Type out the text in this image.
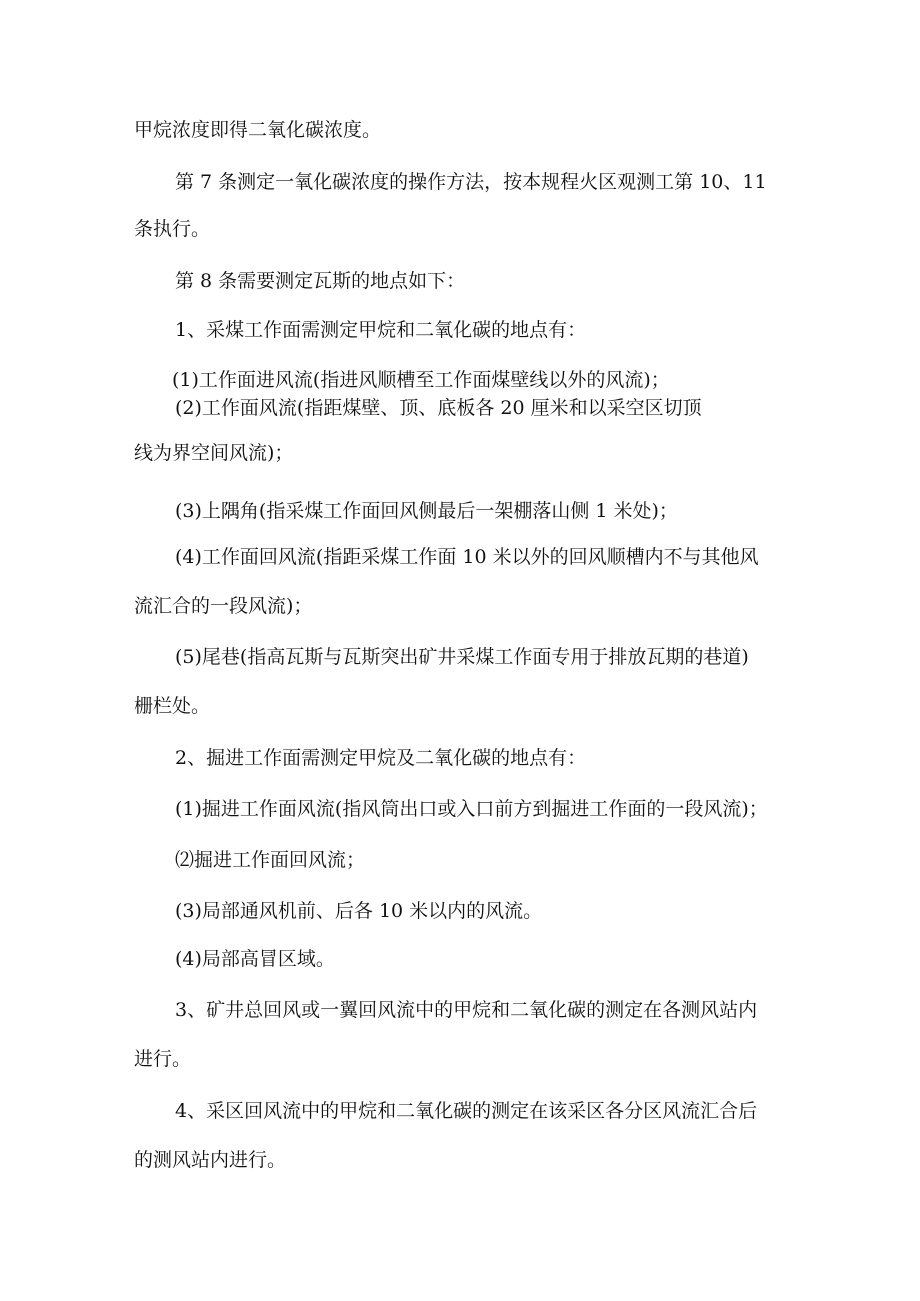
甲烷浓度即得二氧化碳浓度。
第 7 条测定一氧化碳浓度的操作方法，按本规程火区观测工第 10、11
条执行。
第 8 条需要测定瓦斯的地点如下：
1、采煤工作面需测定甲烷和二氧化碳的地点有：
(1)工作面进风流(指进风顺槽至工作面煤壁线以外的风流)；
(2)工作面风流(指距煤壁、顶、底板各 20 厘米和以采空区切顶
线为界空间风流)；
(3)上隅角(指采煤工作面回风侧最后一架棚落山侧 1 米处)；
(4)工作面回风流(指距采煤工作面 10 米以外的回风顺槽内不与其他风
流汇合的一段风流)；
(5)尾巷(指高瓦斯与瓦斯突出矿井采煤工作面专用于排放瓦期的巷道)
栅栏处。
2、掘进工作面需测定甲烷及二氧化碳的地点有：
(1)掘进工作面风流(指风筒出口或入口前方到掘进工作面的一段风流)；
⑵掘进工作面回风流；
(3)局部通风机前、后各 10 米以内的风流。
(4)局部高冒区域。
3、矿井总回风或一翼回风流中的甲烷和二氧化碳的测定在各测风站内
进行。
4、采区回风流中的甲烷和二氧化碳的测定在该采区各分区风流汇合后
的测风站内进行。
